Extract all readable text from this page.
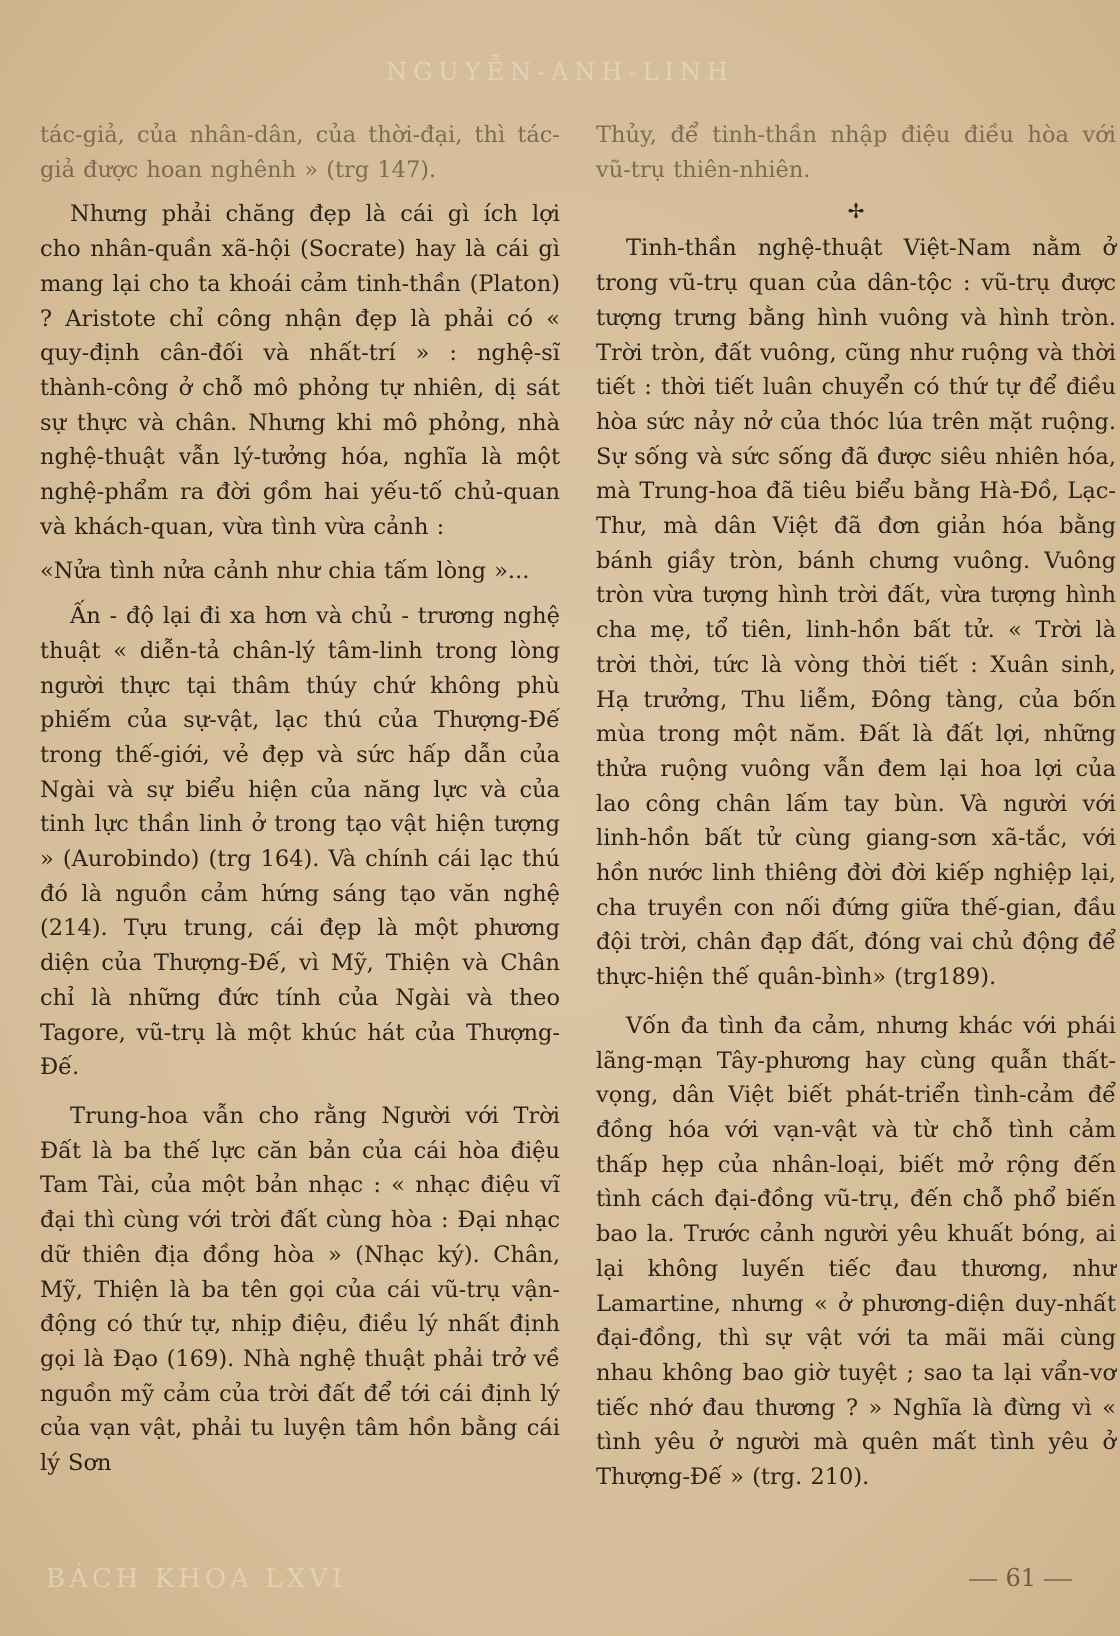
NGUYỄN-ANH-LINH

tác-giả, của nhân-dân, của thời-đại, thì tác-giả được hoan nghênh » (trg 147).

Nhưng phải chăng đẹp là cái gì ích lợi cho nhân-quần xã-hội (Socrate) hay là cái gì mang lại cho ta khoái cảm tinh-thần (Platon) ? Aristote chỉ công nhận đẹp là phải có « quy-định cân-đối và nhất-trí » : nghệ-sĩ thành-công ở chỗ mô phỏng tự nhiên, dị sát sự thực và chân. Nhưng khi mô phỏng, nhà nghệ-thuật vẫn lý-tưởng hóa, nghĩa là một nghệ-phẩm ra đời gồm hai yếu-tố chủ-quan và khách-quan, vừa tình vừa cảnh :

«Nửa tình nửa cảnh như chia tấm lòng »...

Ấn - độ lại đi xa hơn và chủ - trương nghệ thuật « diễn-tả chân-lý tâm-linh trong lòng người thực tại thâm thúy chứ không phù phiếm của sự-vật, lạc thú của Thượng-Đế trong thế-giới, vẻ đẹp và sức hấp dẫn của Ngài và sự biểu hiện của năng lực và của tinh lực thần linh ở trong tạo vật hiện tượng » (Aurobindo) (trg 164). Và chính cái lạc thú đó là nguồn cảm hứng sáng tạo văn nghệ (214). Tựu trung, cái đẹp là một phương diện của Thượng-Đế, vì Mỹ, Thiện và Chân chỉ là những đức tính của Ngài và theo Tagore, vũ-trụ là một khúc hát của Thượng-Đế.

Trung-hoa vẫn cho rằng Người với Trời Đất là ba thế lực căn bản của cái hòa điệu Tam Tài, của một bản nhạc : « nhạc điệu vĩ đại thì cùng với trời đất cùng hòa : Đại nhạc dữ thiên địa đồng hòa » (Nhạc ký). Chân, Mỹ, Thiện là ba tên gọi của cái vũ-trụ vận-động có thứ tự, nhịp điệu, điều lý nhất định gọi là Đạo (169). Nhà nghệ thuật phải trở về nguồn mỹ cảm của trời đất để tới cái định lý của vạn vật, phải tu luyện tâm hồn bằng cái lý Sơn

Thủy, để tinh-thần nhập điệu điều hòa với vũ-trụ thiên-nhiên.

✢

Tinh-thần nghệ-thuật Việt-Nam nằm ở trong vũ-trụ quan của dân-tộc : vũ-trụ được tượng trưng bằng hình vuông và hình tròn. Trời tròn, đất vuông, cũng như ruộng và thời tiết : thời tiết luân chuyển có thứ tự để điều hòa sức nảy nở của thóc lúa trên mặt ruộng. Sự sống và sức sống đã được siêu nhiên hóa, mà Trung-hoa đã tiêu biểu bằng Hà-Đồ, Lạc-Thư, mà dân Việt đã đơn giản hóa bằng bánh giầy tròn, bánh chưng vuông. Vuông tròn vừa tượng hình trời đất, vừa tượng hình cha mẹ, tổ tiên, linh-hồn bất tử. « Trời là trời thời, tức là vòng thời tiết : Xuân sinh, Hạ trưởng, Thu liễm, Đông tàng, của bốn mùa trong một năm. Đất là đất lợi, những thửa ruộng vuông vẫn đem lại hoa lợi của lao công chân lấm tay bùn. Và người với linh-hồn bất tử cùng giang-sơn xã-tắc, với hồn nước linh thiêng đời đời kiếp nghiệp lại, cha truyền con nối đứng giữa thế-gian, đầu đội trời, chân đạp đất, đóng vai chủ động để thực-hiện thế quân-bình» (trg189).

Vốn đa tình đa cảm, nhưng khác với phái lãng-mạn Tây-phương hay cùng quẫn thất-vọng, dân Việt biết phát-triển tình-cảm để đồng hóa với vạn-vật và từ chỗ tình cảm thấp hẹp của nhân-loại, biết mở rộng đến tình cách đại-đồng vũ-trụ, đến chỗ phổ biến bao la. Trước cảnh người yêu khuất bóng, ai lại không luyến tiếc đau thương, như Lamartine, nhưng « ở phương-diện duy-nhất đại-đồng, thì sự vật với ta mãi mãi cùng nhau không bao giờ tuyệt ; sao ta lại vẩn-vơ tiếc nhớ đau thương ? » Nghĩa là đừng vì « tình yêu ở người mà quên mất tình yêu ở Thượng-Đế » (trg. 210).

BÁCH KHOA LXVI	61
